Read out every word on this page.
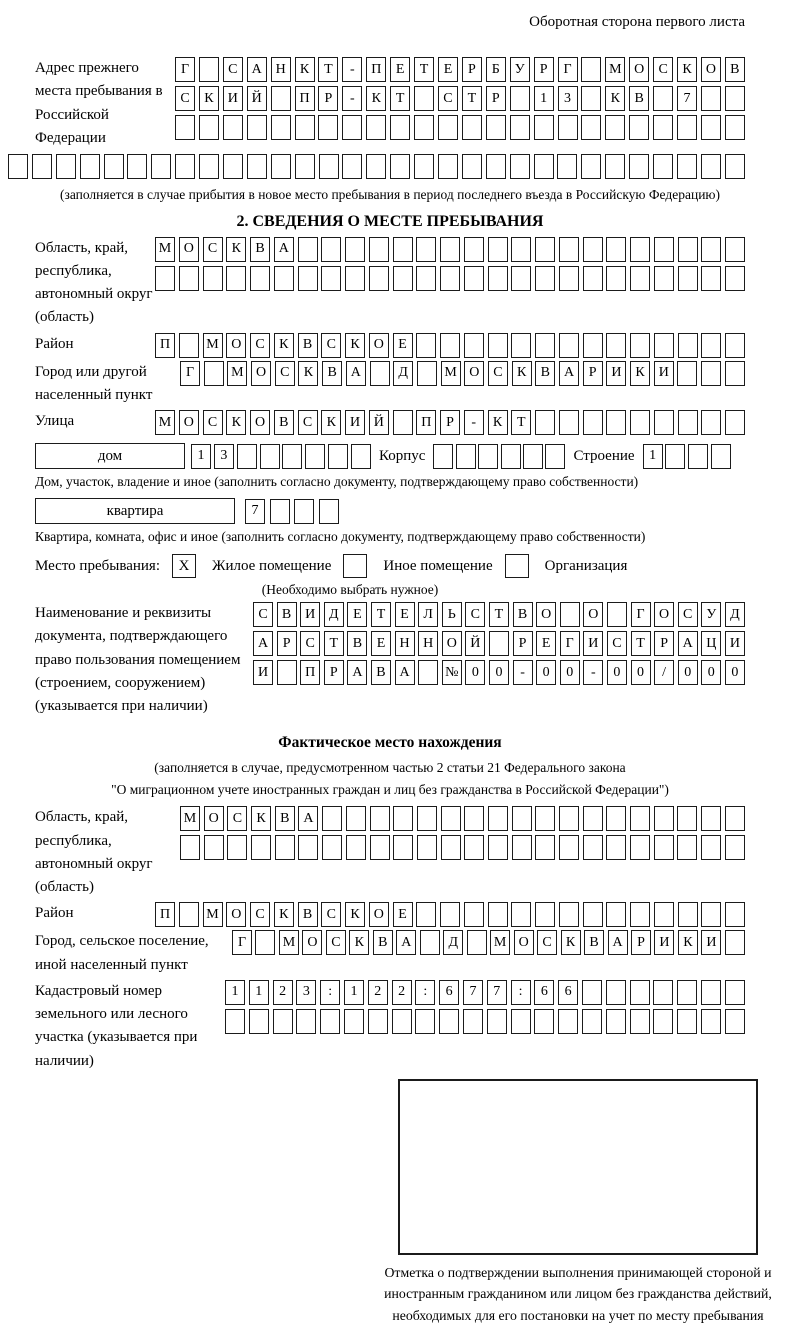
Оборотная сторона первого листа
Адрес прежнего места пребывания в Российской Федерации
Г	С	А Н	К	Т	-	П	Е	Т	Е	Р	Б	У	Р	Г	М О	С	К	О	В
С	К	И Й	П	Р	-	К	Т	С	Т	Р	1	3	К	В	7
(заполняется в случае прибытия в новое место пребывания в период последнего въезда в Российскую Федерацию)
2. СВЕДЕНИЯ О МЕСТЕ ПРЕБЫВАНИЯ
Область, край, республика, автономный округ (область)
М О	С	К	В	А
Район	П	М О	С	К	В	С	К	О	Е
Город или другой населенный пункт
Г	М О С	К	В А	Д	М О С	К	В А	Р	И К И
Улица	М О	С	К	О	В	С	К	И Й	П	Р	-	К	Т
дом	1	3	Корпус	Строение	1
Дом, участок, владение и иное (заполнить согласно документу, подтверждающему право собственности)
квартира	7
Квартира, комната, офис и иное (заполнить согласно документу, подтверждающему право собственности)
Место пребывания:	X	Жилое помещение	Иное помещение	Организация
(Необходимо выбрать нужное)
Наименование и реквизиты документа, подтверждающего право пользования помещением (строением, сооружением) (указывается при наличии)
С	В И Д	Е	Т	Е	Л	Ь	С	Т	В О	О	Г	О С У Д
А	Р	С	Т	В	Е	Н Н О Й	Р	Е	Г	И С	Т	Р	А Ц И
И	П	Р	А В А	№ 0	0	-	0	0	-	0	0	/	0	0	0
Фактическое место нахождения
(заполняется в случае, предусмотренном частью 2 статьи 21 Федерального закона
"О миграционном учете иностранных граждан и лиц без гражданства в Российской Федерации")
Область, край, республика, автономный округ (область)
М О С	К	В А
Район	П	М О	С	К	В	С	К	О	Е
Город, сельское поселение, иной населенный пункт
Г	М О С	К	В А	Д	М О С	К	В А	Р	И К И
Кадастровый номер земельного или лесного участка (указывается при наличии)
1	1	2	3	:	1	2	2	:	6	7	7	:	6	6
Отметка о подтверждении выполнения принимающей стороной и иностранным гражданином или лицом без гражданства действий, необходимых для его постановки на учет по месту пребывания
